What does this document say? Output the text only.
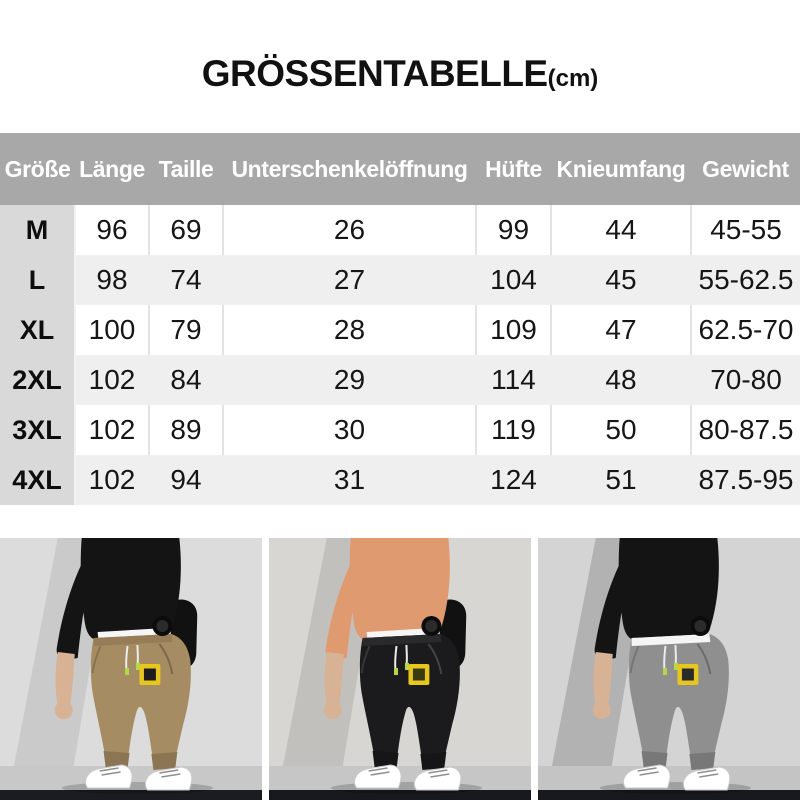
GRÖSSENTABELLE (cm)
Größe	Länge	Taille	Unterschenkelöffnung	Hüfte	Knieumfang	Gewicht
M	96	69	26	99	44	45-55
L	98	74	27	104	45	55-62.5
XL	100	79	28	109	47	62.5-70
2XL	102	84	29	114	48	70-80
3XL	102	89	30	119	50	80-87.5
4XL	102	94	31	124	51	87.5-95
